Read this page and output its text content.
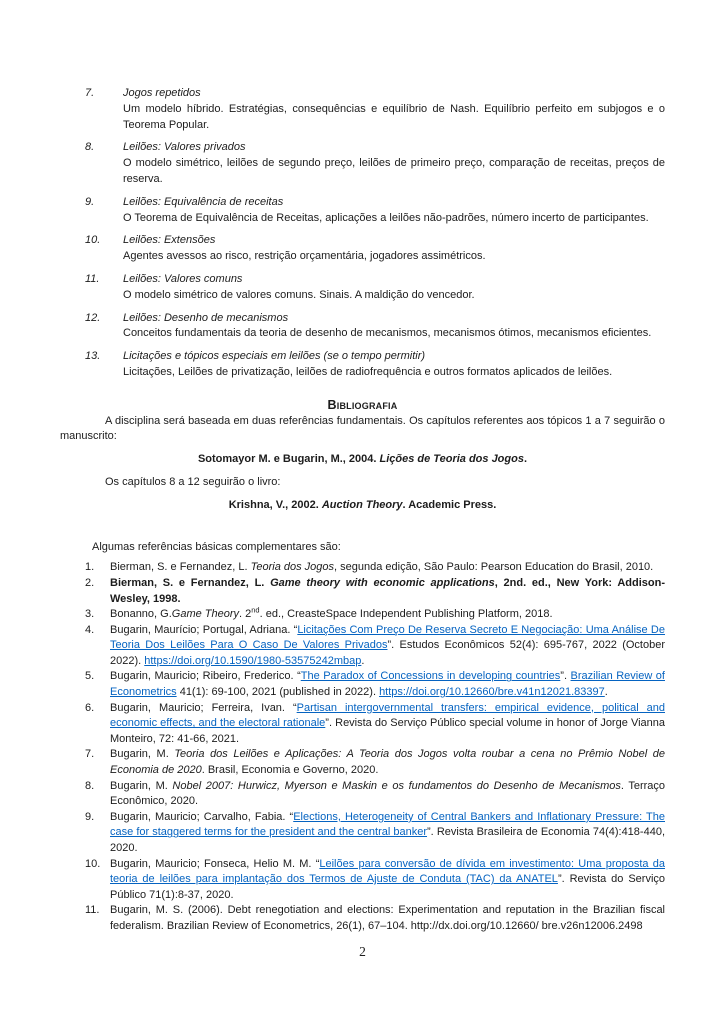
7.	Jogos repetidos
Um modelo híbrido. Estratégias, consequências e equilíbrio de Nash. Equilíbrio perfeito em subjogos e o Teorema Popular.
8.	Leilões: Valores privados
O modelo simétrico, leilões de segundo preço, leilões de primeiro preço, comparação de receitas, preços de reserva.
9.	Leilões: Equivalência de receitas
O Teorema de Equivalência de Receitas, aplicações a leilões não-padrões, número incerto de participantes.
10.	Leilões: Extensões
Agentes avessos ao risco, restrição orçamentária, jogadores assimétricos.
11.	Leilões: Valores comuns
O modelo simétrico de valores comuns. Sinais. A maldição do vencedor.
12.	Leilões: Desenho de mecanismos
Conceitos fundamentais da teoria de desenho de mecanismos, mecanismos ótimos, mecanismos eficientes.
13.	Licitações e tópicos especiais em leilões (se o tempo permitir)
Licitações, Leilões de privatização, leilões de radiofrequência e outros formatos aplicados de leilões.
Bibliografia

A disciplina será baseada em duas referências fundamentais. Os capítulos referentes aos tópicos 1 a 7 seguirão o manuscrito:

Sotomayor M. e Bugarin, M., 2004. Lições de Teoria dos Jogos.

Os capítulos 8 a 12 seguirão o livro:

Krishna, V., 2002. Auction Theory. Academic Press.

Algumas referências básicas complementares são:

1.	Bierman, S. e Fernandez, L. Teoria dos Jogos, segunda edição, São Paulo: Pearson Education do Brasil, 2010.
2.	Bierman, S. e Fernandez, L. Game theory with economic applications, 2nd. ed., New York: Addison-Wesley, 1998.
3.	Bonanno, G.Game Theory. 2nd. ed., CreasteSpace Independent Publishing Platform, 2018.
4.	Bugarin, Maurício; Portugal, Adriana. “Licitações Com Preço De Reserva Secreto E Negociação: Uma Análise De Teoria Dos Leilões Para O Caso De Valores Privados”. Estudos Econômicos 52(4): 695-767, 2022 (October 2022). https://doi.org/10.1590/1980-53575242mbap.
5.	Bugarin, Mauricio; Ribeiro, Frederico. “The Paradox of Concessions in developing countries”. Brazilian Review of Econometrics 41(1): 69-100, 2021 (published in 2022). https://doi.org/10.12660/bre.v41n12021.83397.
6.	Bugarin, Mauricio; Ferreira, Ivan. “Partisan intergovernmental transfers: empirical evidence, political and economic effects, and the electoral rationale”. Revista do Serviço Público special volume in honor of Jorge Vianna Monteiro, 72: 41-66, 2021.
7.	Bugarin, M. Teoria dos Leilões e Aplicações: A Teoria dos Jogos volta roubar a cena no Prêmio Nobel de Economia de 2020. Brasil, Economia e Governo, 2020.
8.	Bugarin, M. Nobel 2007: Hurwicz, Myerson e Maskin e os fundamentos do Desenho de Mecanismos. Terraço Econômico, 2020.
9.	Bugarin, Mauricio; Carvalho, Fabia. “Elections, Heterogeneity of Central Bankers and Inflationary Pressure: The case for staggered terms for the president and the central banker”. Revista Brasileira de Economia 74(4):418-440, 2020.
10. Bugarin, Mauricio; Fonseca, Helio M. M. “Leilões para conversão de dívida em investimento: Uma proposta da teoria de leilões para implantação dos Termos de Ajuste de Conduta (TAC) da ANATEL”. Revista do Serviço Público 71(1):8-37, 2020.
11. Bugarin, M. S. (2006). Debt renegotiation and elections: Experimentation and reputation in the Brazilian fiscal federalism. Brazilian Review of Econometrics, 26(1), 67–104. http://dx.doi.org/10.12660/ bre.v26n12006.2498
2
